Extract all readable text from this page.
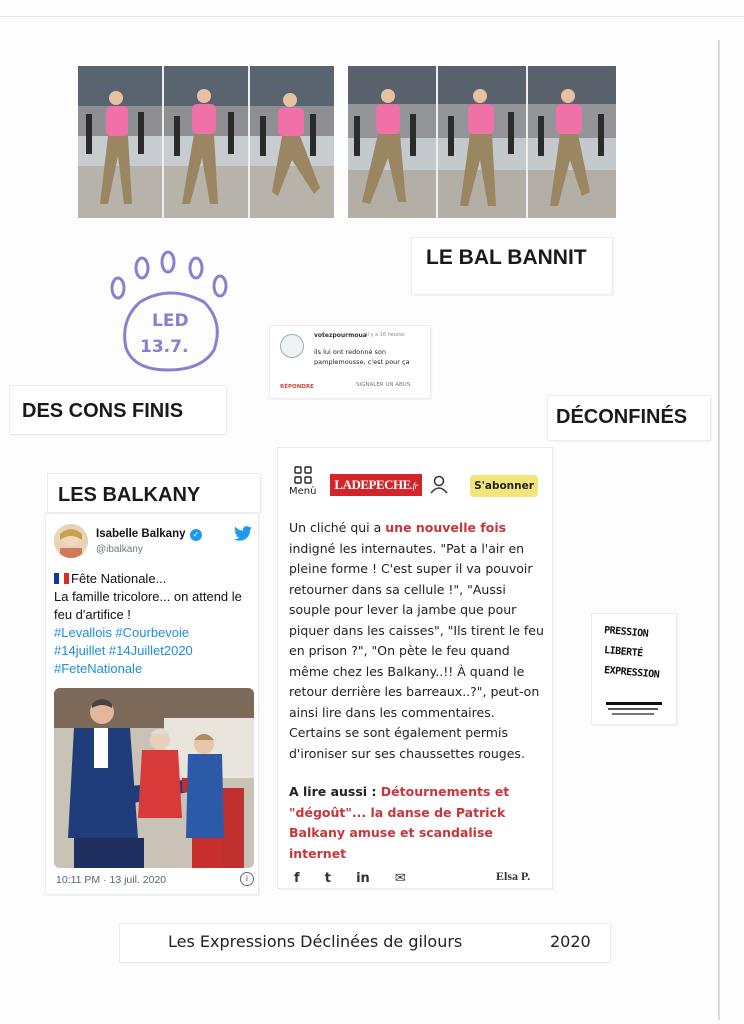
LE BAL BANNIT
LED
13.7.
votezpourmoua Il y a 16 heures
ils lui ont redonné son pamplemousse, c'est pour ça
RÉPONDRE	SIGNALER UN ABUS
DES CONS FINIS	DÉCONFINÉS
LES BALKANY
Isabelle Balkany ✓
@ibalkany
Fête Nationale...
La famille tricolore... on attend le feu d'artifice !
#Levallois #Courbevoie
#14juillet #14Juillet2020
#FeteNationale
10:11 PM · 13 juil. 2020	i
Menù	LADEPECHE.fr	S'abonner
Un cliché qui a une nouvelle fois indigné les internautes. "Pat a l'air en pleine forme ! C'est super il va pouvoir retourner dans sa cellule !", "Aussi souple pour lever la jambe que pour piquer dans les caisses", "Ils tirent le feu en prison ?", "On pète le feu quand même chez les Balkany..!! À quand le retour derrière les barreaux..?", peut-on ainsi lire dans les commentaires. Certains se sont également permis d'ironiser sur ses chaussettes rouges.
A lire aussi : Détournements et "dégoût"... la danse de Patrick Balkany amuse et scandalise internet
f t in ✉	Elsa P.
PRESSION
LIBERTÉ
EXPRESSION
Les Expressions Déclinées de gilours	2020
